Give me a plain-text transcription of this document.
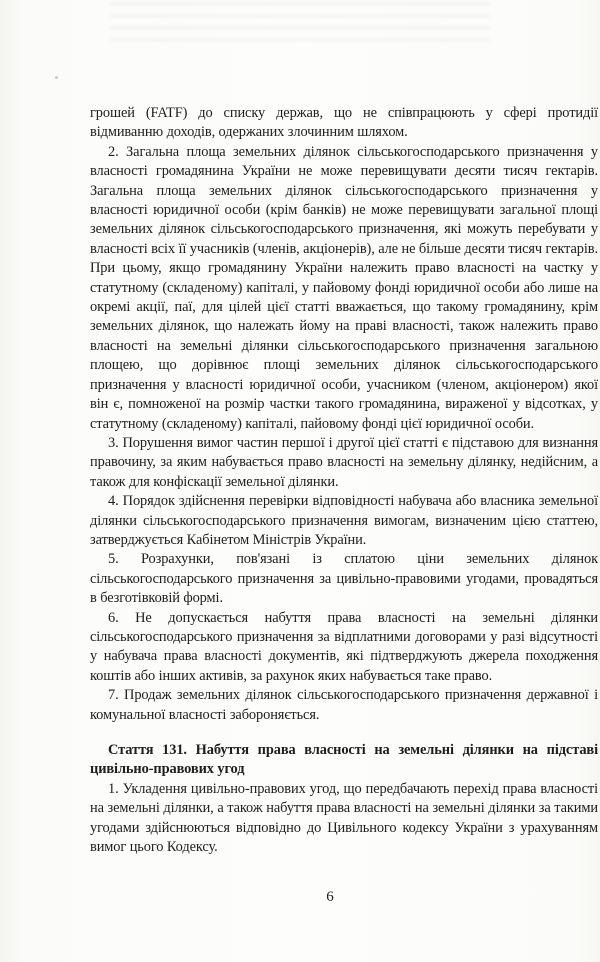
грошей (FATF) до списку держав, що не співпрацюють у сфері протидії відмиванню доходів, одержаних злочинним шляхом.

2. Загальна площа земельних ділянок сільськогосподарського призначення у власності громадянина України не може перевищувати десяти тисяч гектарів. Загальна площа земельних ділянок сільськогосподарського призначення у власності юридичної особи (крім банків) не може перевищувати загальної площі земельних ділянок сільськогосподарського призначення, які можуть перебувати у власності всіх її учасників (членів, акціонерів), але не більше десяти тисяч гектарів. При цьому, якщо громадянину України належить право власності на частку у статутному (складеному) капіталі, у пайовому фонді юридичної особи або лише на окремі акції, паї, для цілей цієї статті вважається, що такому громадянину, крім земельних ділянок, що належать йому на праві власності, також належить право власності на земельні ділянки сільськогосподарського призначення загальною площею, що дорівнює площі земельних ділянок сільськогосподарського призначення у власності юридичної особи, учасником (членом, акціонером) якої він є, помноженої на розмір частки такого громадянина, вираженої у відсотках, у статутному (складеному) капіталі, пайовому фонді цієї юридичної особи.

3. Порушення вимог частин першої і другої цієї статті є підставою для визнання правочину, за яким набувається право власності на земельну ділянку, недійсним, а також для конфіскації земельної ділянки.

4. Порядок здійснення перевірки відповідності набувача або власника земельної ділянки сільськогосподарського призначення вимогам, визначеним цією статтею, затверджується Кабінетом Міністрів України.

5. Розрахунки, пов'язані із сплатою ціни земельних ділянок сільськогосподарського призначення за цивільно-правовими угодами, провадяться в безготівковій формі.

6. Не допускається набуття права власності на земельні ділянки сільськогосподарського призначення за відплатними договорами у разі відсутності у набувача права власності документів, які підтверджують джерела походження коштів або інших активів, за рахунок яких набувається таке право.

7. Продаж земельних ділянок сільськогосподарського призначення державної і комунальної власності забороняється.

Стаття 131. Набуття права власності на земельні ділянки на підставі цивільно-правових угод

1. Укладення цивільно-правових угод, що передбачають перехід права власності на земельні ділянки, а також набуття права власності на земельні ділянки за такими угодами здійснюються відповідно до Цивільного кодексу України з урахуванням вимог цього Кодексу.

6
